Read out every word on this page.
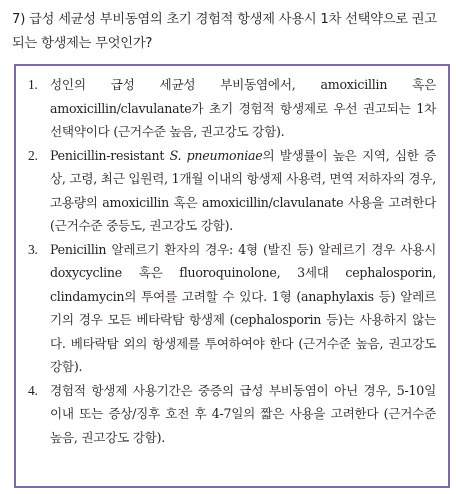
7) 급성 세균성 부비동염의 초기 경험적 항생제 사용시 1차 선택약으로 권고되는 항생제는 무엇인가?

1. 성인의 급성 세균성 부비동염에서, amoxicillin 혹은 amoxicillin/clavulanate가 초기 경험적 항생제로 우선 권고되는 1차 선택약이다 (근거수준 높음, 권고강도 강함).
2. Penicillin-resistant S. pneumoniae의 발생률이 높은 지역, 심한 증상, 고령, 최근 입원력, 1개월 이내의 항생제 사용력, 면역 저하자의 경우, 고용량의 amoxicillin 혹은 amoxicillin/clavulanate 사용을 고려한다 (근거수준 중등도, 권고강도 강함).
3. Penicillin 알레르기 환자의 경우: 4형 (발진 등) 알레르기 경우 사용시 doxycycline 혹은 fluoroquinolone, 3세대 cephalosporin, clindamycin의 투여를 고려할 수 있다. 1형 (anaphylaxis 등) 알레르기의 경우 모든 베타락탐 항생제 (cephalosporin 등)는 사용하지 않는다. 베타락탐 외의 항생제를 투여하여야 한다 (근거수준 높음, 권고강도 강함).
4. 경험적 항생제 사용기간은 중증의 급성 부비동염이 아닌 경우, 5-10일 이내 또는 증상/징후 호전 후 4-7일의 짧은 사용을 고려한다 (근거수준 높음, 권고강도 강함).
